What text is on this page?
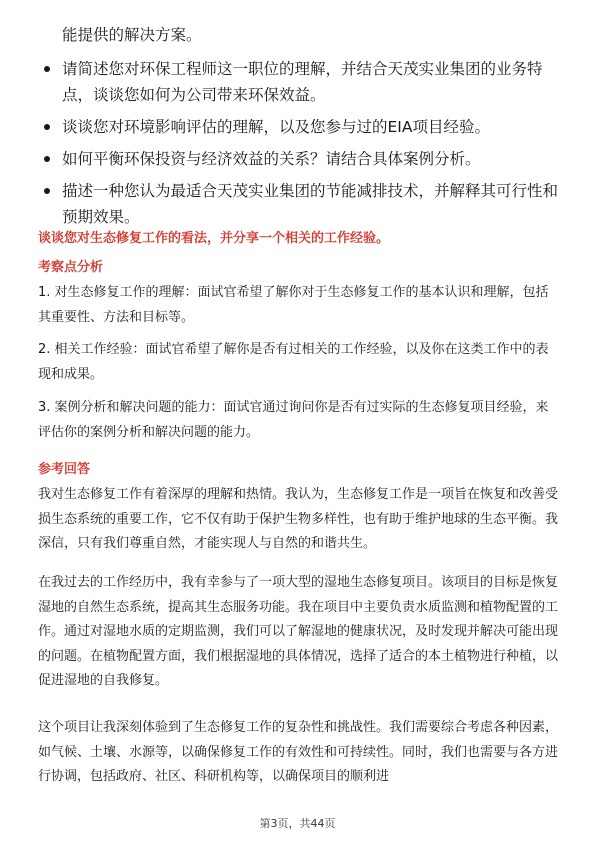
能提供的解决方案。
请简述您对环保工程师这一职位的理解，并结合天茂实业集团的业务特点，谈谈您如何为公司带来环保效益。
谈谈您对环境影响评估的理解，以及您参与过的EIA项目经验。
如何平衡环保投资与经济效益的关系？请结合具体案例分析。
描述一种您认为最适合天茂实业集团的节能减排技术，并解释其可行性和预期效果。
谈谈您对生态修复工作的看法，并分享一个相关的工作经验。
考察点分析
1. 对生态修复工作的理解：面试官希望了解你对于生态修复工作的基本认识和理解，包括其重要性、方法和目标等。
2. 相关工作经验：面试官希望了解你是否有过相关的工作经验，以及你在这类工作中的表现和成果。
3. 案例分析和解决问题的能力：面试官通过询问你是否有过实际的生态修复项目经验，来评估你的案例分析和解决问题的能力。
参考回答
我对生态修复工作有着深厚的理解和热情。我认为，生态修复工作是一项旨在恢复和改善受损生态系统的重要工作，它不仅有助于保护生物多样性，也有助于维护地球的生态平衡。我深信，只有我们尊重自然，才能实现人与自然的和谐共生。
在我过去的工作经历中，我有幸参与了一项大型的湿地生态修复项目。该项目的目标是恢复湿地的自然生态系统，提高其生态服务功能。我在项目中主要负责水质监测和植物配置的工作。通过对湿地水质的定期监测，我们可以了解湿地的健康状况，及时发现并解决可能出现的问题。在植物配置方面，我们根据湿地的具体情况，选择了适合的本土植物进行种植，以促进湿地的自我修复。
这个项目让我深刻体验到了生态修复工作的复杂性和挑战性。我们需要综合考虑各种因素，如气候、土壤、水源等，以确保修复工作的有效性和可持续性。同时，我们也需要与各方进行协调，包括政府、社区、科研机构等，以确保项目的顺利进
第3页，共44页
